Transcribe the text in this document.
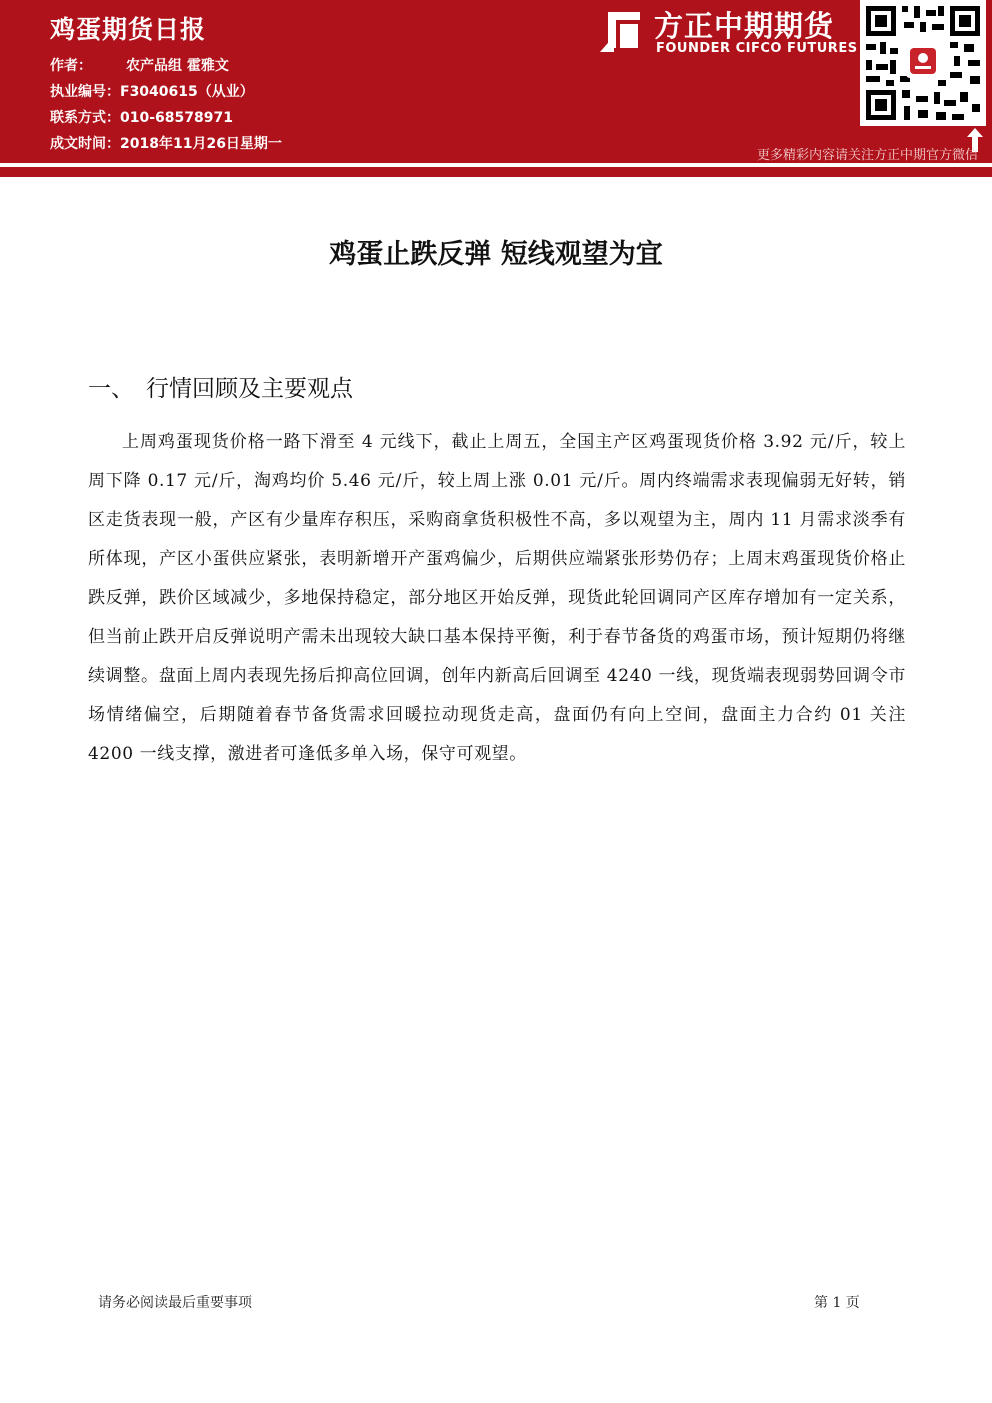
鸡蛋期货日报
作者： 农产品组 霍雅文
执业编号：F3040615（从业）
联系方式：010-68578971
成文时间：2018年11月26日星期一
方正中期期货
FOUNDER CIFCO FUTURES
更多精彩内容请关注方正中期官方微信
鸡蛋止跌反弹 短线观望为宜
一、 行情回顾及主要观点

上周鸡蛋现货价格一路下滑至 4 元线下，截止上周五，全国主产区鸡蛋现货价格 3.92 元/斤，较上周下降 0.17 元/斤，淘鸡均价 5.46 元/斤，较上周上涨 0.01 元/斤。周内终端需求表现偏弱无好转，销区走货表现一般，产区有少量库存积压，采购商拿货积极性不高，多以观望为主，周内 11 月需求淡季有所体现，产区小蛋供应紧张，表明新增开产蛋鸡偏少，后期供应端紧张形势仍存；上周末鸡蛋现货价格止跌反弹，跌价区域减少，多地保持稳定，部分地区开始反弹，现货此轮回调同产区库存增加有一定关系，但当前止跌开启反弹说明产需未出现较大缺口基本保持平衡，利于春节备货的鸡蛋市场，预计短期仍将继续调整。盘面上周内表现先扬后抑高位回调，创年内新高后回调至 4240 一线，现货端表现弱势回调令市场情绪偏空，后期随着春节备货需求回暖拉动现货走高，盘面仍有向上空间，盘面主力合约 01 关注 4200 一线支撑，激进者可逢低多单入场，保守可观望。

请务必阅读最后重要事项	第 1 页
